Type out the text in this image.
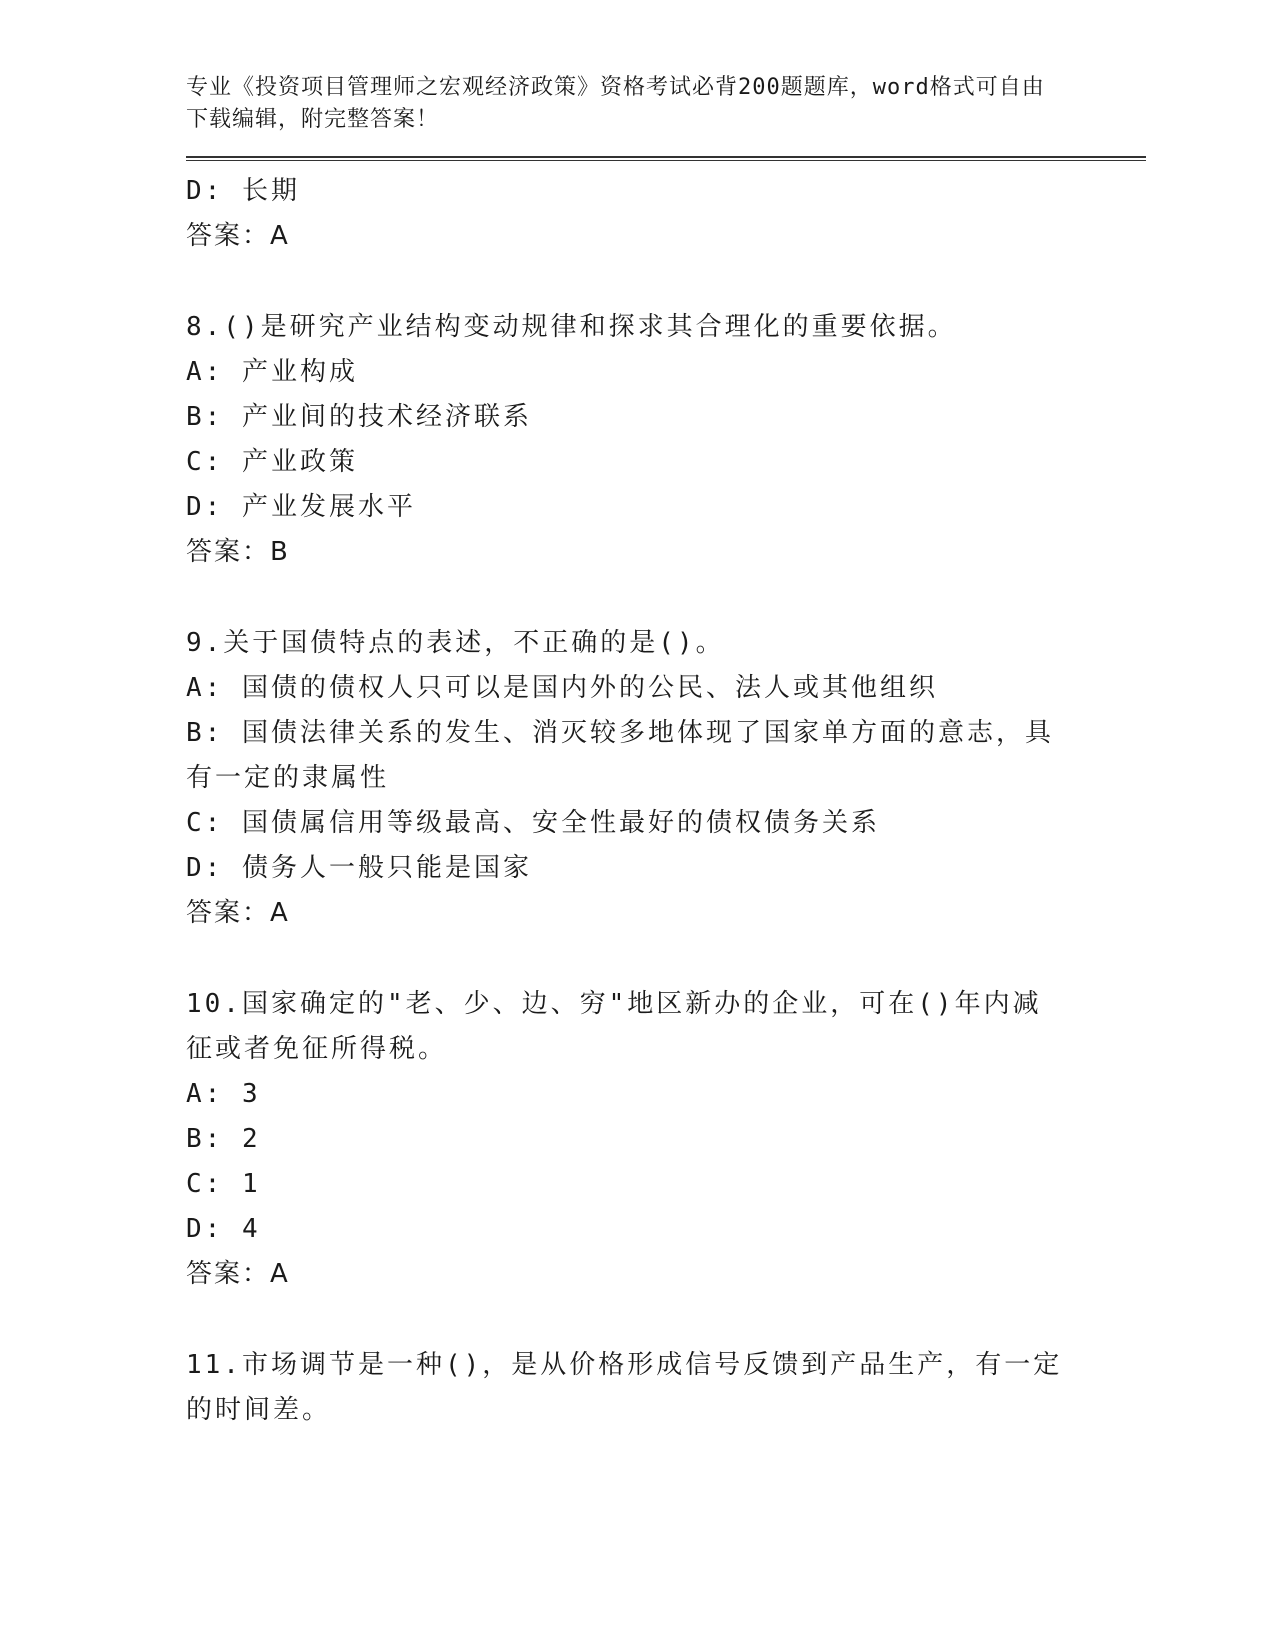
专业《投资项目管理师之宏观经济政策》资格考试必背200题题库，word格式可自由下载编辑，附完整答案！
D: 长期
答案：A
8.()是研究产业结构变动规律和探求其合理化的重要依据。
A: 产业构成
B: 产业间的技术经济联系
C: 产业政策
D: 产业发展水平
答案：B
9.关于国债特点的表述，不正确的是()。
A: 国债的债权人只可以是国内外的公民、法人或其他组织
B: 国债法律关系的发生、消灭较多地体现了国家单方面的意志，具有一定的隶属性
C: 国债属信用等级最高、安全性最好的债权债务关系
D: 债务人一般只能是国家
答案：A
10.国家确定的"老、少、边、穷"地区新办的企业，可在()年内减征或者免征所得税。
A: 3
B: 2
C: 1
D: 4
答案：A
11.市场调节是一种()，是从价格形成信号反馈到产品生产，有一定的时间差。
